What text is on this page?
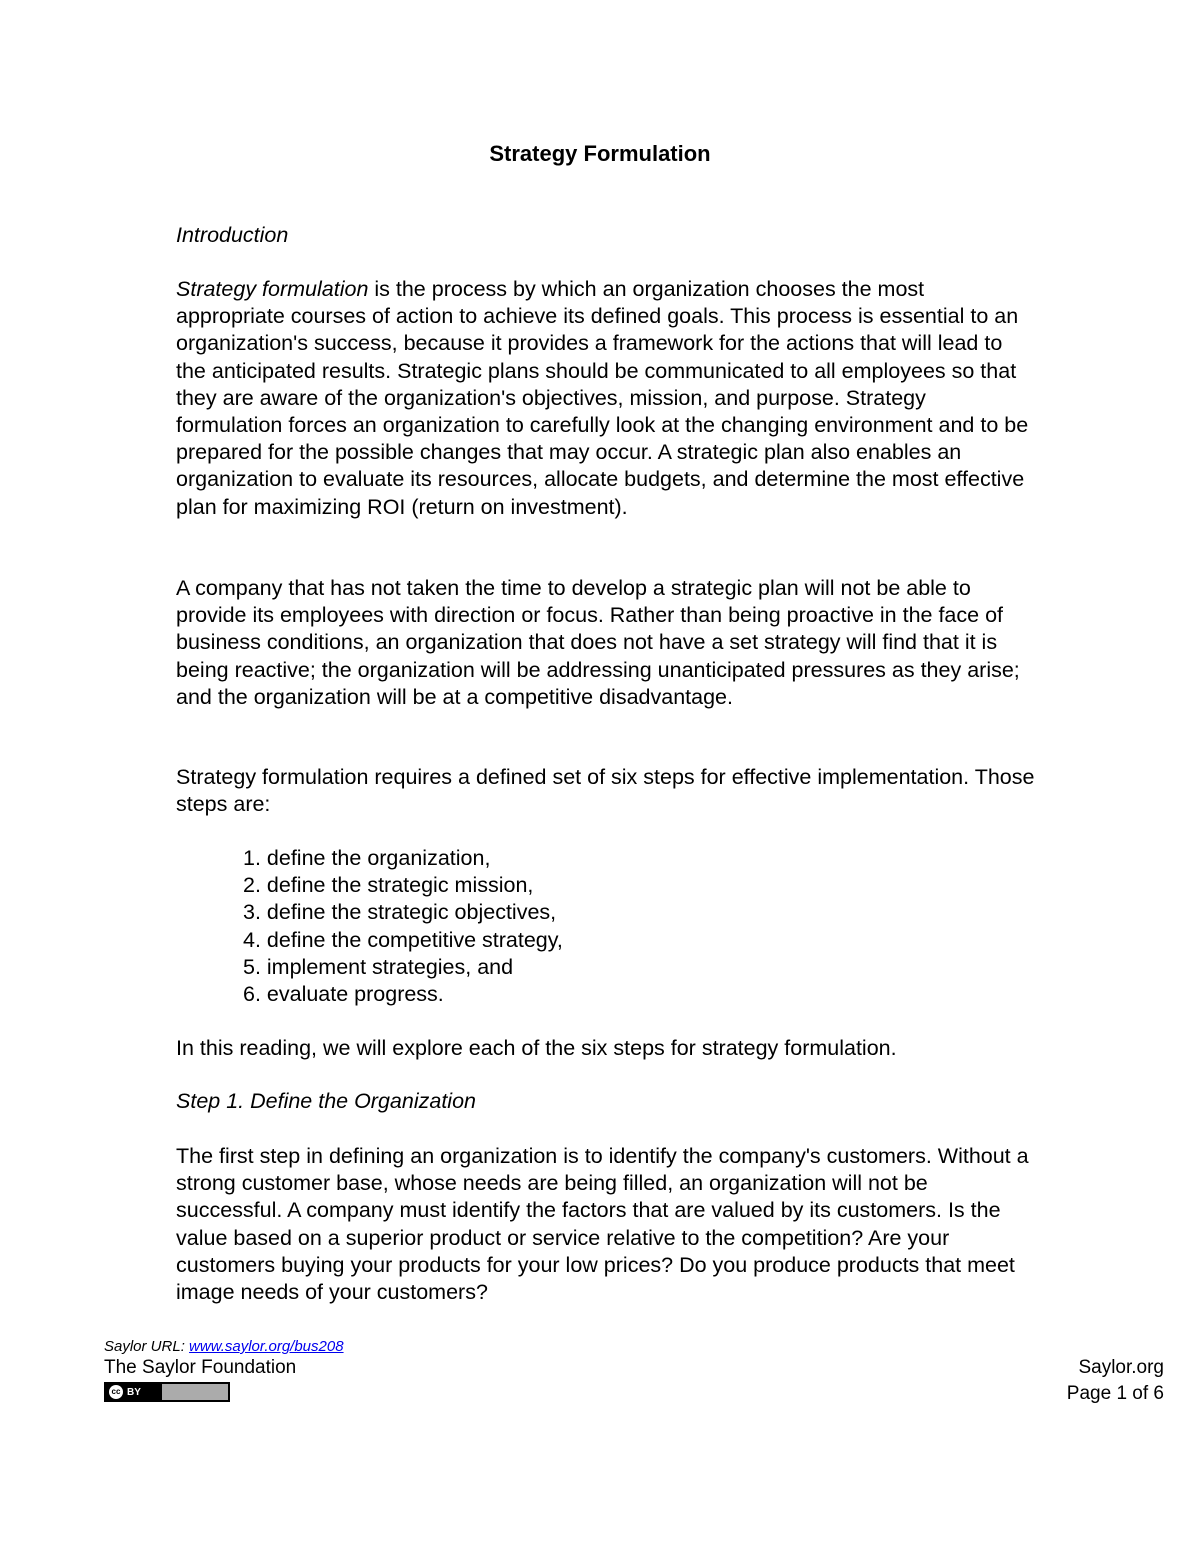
Strategy Formulation
Introduction

Strategy formulation is the process by which an organization chooses the most appropriate courses of action to achieve its defined goals. This process is essential to an organization's success, because it provides a framework for the actions that will lead to the anticipated results. Strategic plans should be communicated to all employees so that they are aware of the organization's objectives, mission, and purpose. Strategy formulation forces an organization to carefully look at the changing environment and to be prepared for the possible changes that may occur. A strategic plan also enables an organization to evaluate its resources, allocate budgets, and determine the most effective plan for maximizing ROI (return on investment).

A company that has not taken the time to develop a strategic plan will not be able to provide its employees with direction or focus. Rather than being proactive in the face of business conditions, an organization that does not have a set strategy will find that it is being reactive; the organization will be addressing unanticipated pressures as they arise; and the organization will be at a competitive disadvantage.

Strategy formulation requires a defined set of six steps for effective implementation. Those steps are:

1. define the organization,
2. define the strategic mission,
3. define the strategic objectives,
4. define the competitive strategy,
5. implement strategies, and
6. evaluate progress.

In this reading, we will explore each of the six steps for strategy formulation.

Step 1. Define the Organization

The first step in defining an organization is to identify the company's customers. Without a strong customer base, whose needs are being filled, an organization will not be successful. A company must identify the factors that are valued by its customers. Is the value based on a superior product or service relative to the competition? Are your customers buying your products for your low prices? Do you produce products that meet image needs of your customers?

Saylor URL: www.saylor.org/bus208
The Saylor Foundation
cc BY
Saylor.org
Page 1 of 6
